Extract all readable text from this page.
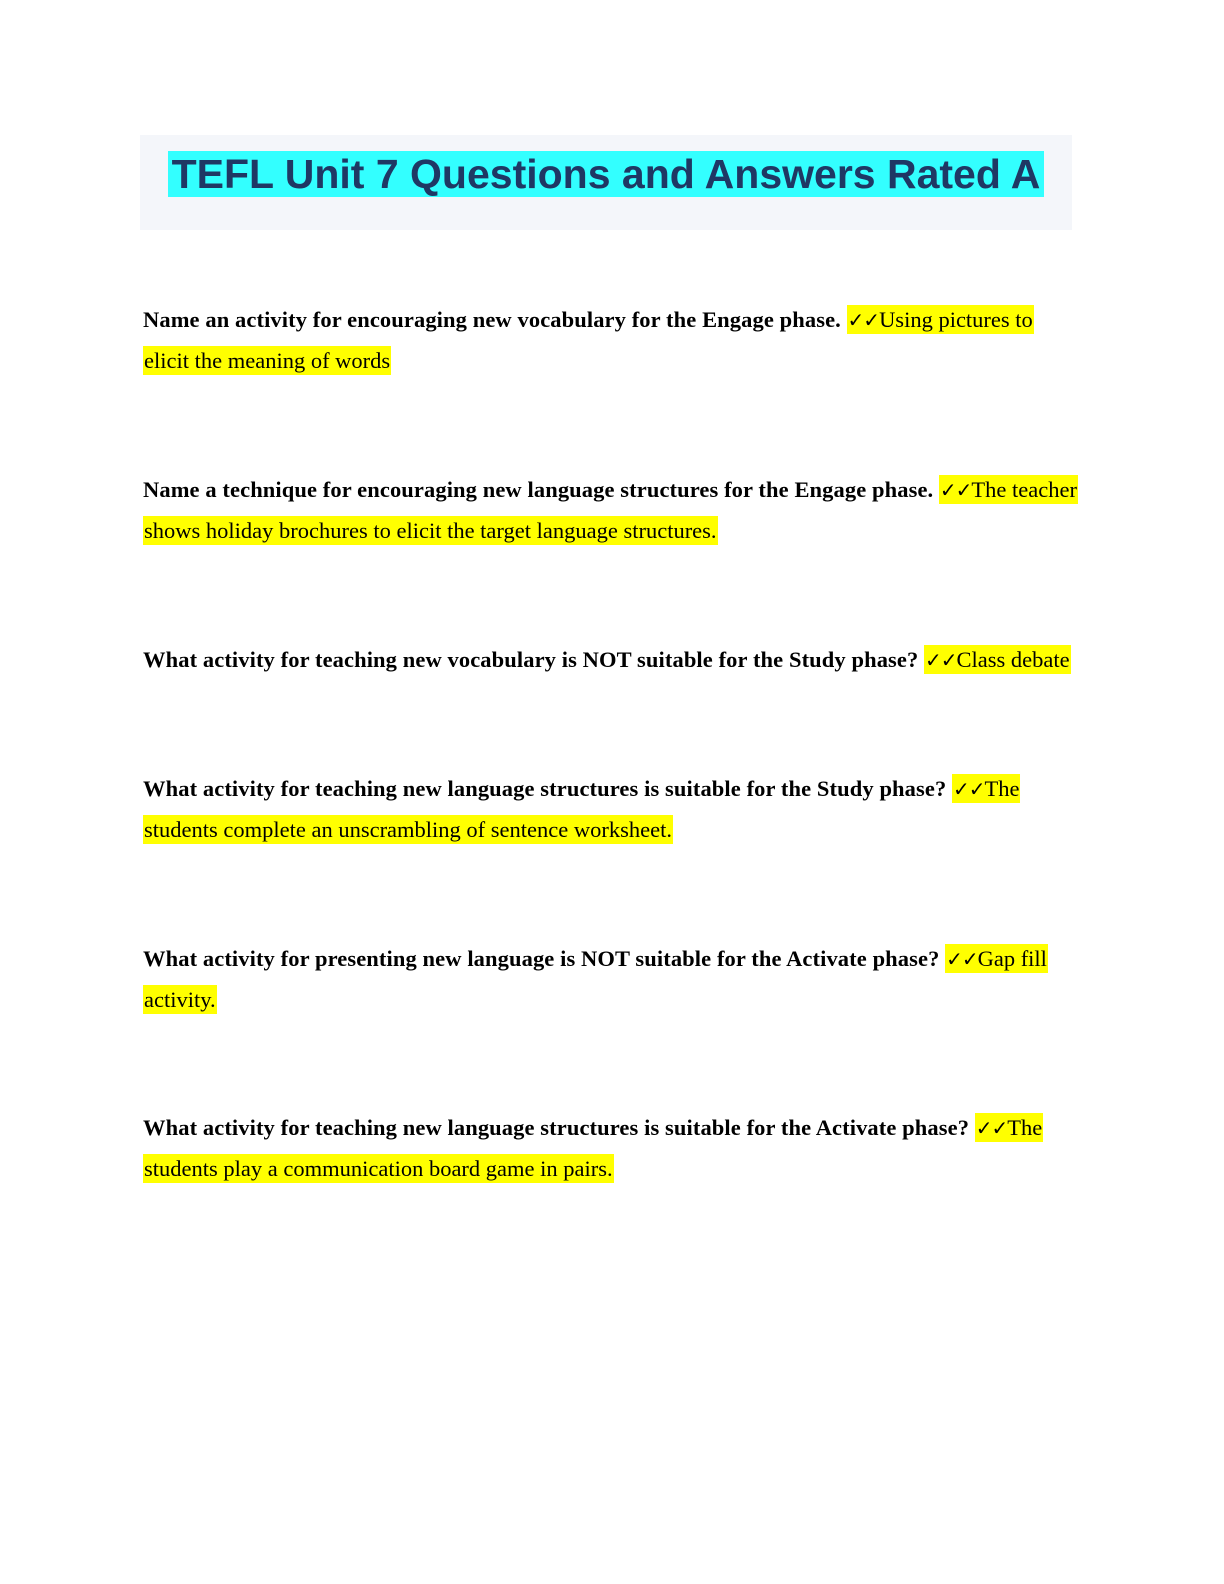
TEFL Unit 7 Questions and Answers Rated A
Name an activity for encouraging new vocabulary for the Engage phase. ✓✓Using pictures to elicit the meaning of words
Name a technique for encouraging new language structures for the Engage phase. ✓✓The teacher shows holiday brochures to elicit the target language structures.
What activity for teaching new vocabulary is NOT suitable for the Study phase? ✓✓Class debate
What activity for teaching new language structures is suitable for the Study phase? ✓✓The students complete an unscrambling of sentence worksheet.
What activity for presenting new language is NOT suitable for the Activate phase? ✓✓Gap fill activity.
What activity for teaching new language structures is suitable for the Activate phase? ✓✓The students play a communication board game in pairs.
